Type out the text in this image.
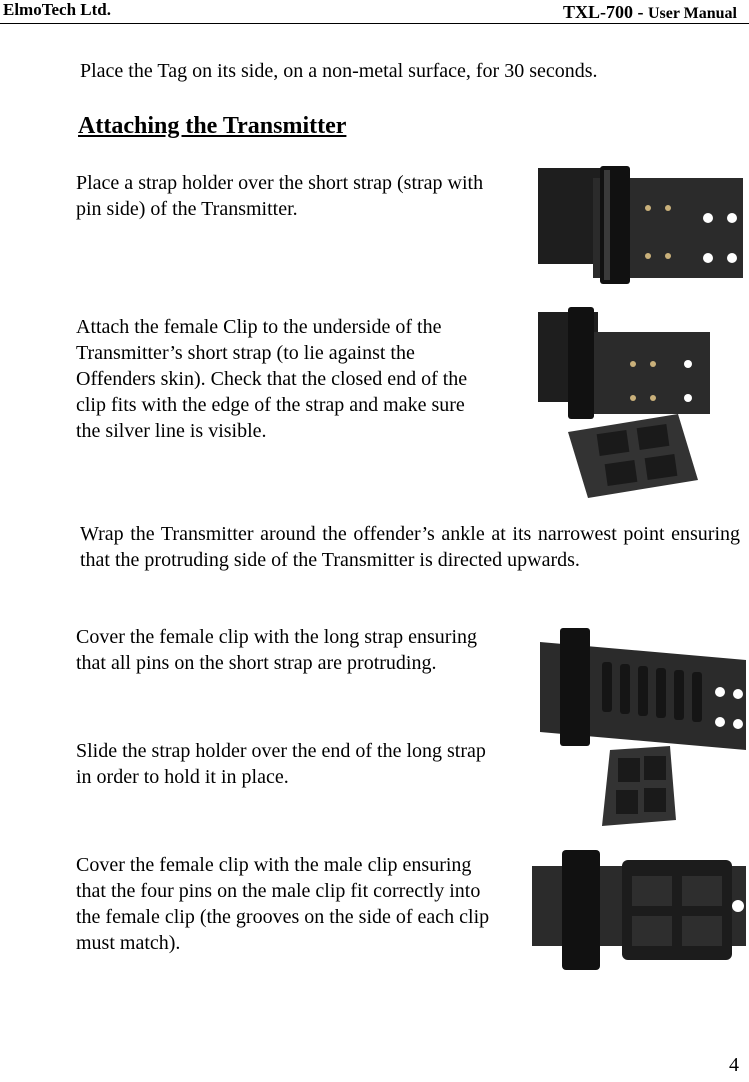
ElmoTech Ltd.	TXL-700 - User Manual
Place the Tag on its side, on a non-metal surface, for 30 seconds.
Attaching the Transmitter
Place a strap holder over the short strap (strap with pin side) of the Transmitter.
Attach the female Clip to the underside of the Transmitter’s short strap (to lie against the Offenders skin). Check that the closed end of the clip fits with the edge of the strap and make sure the silver line is visible.
Wrap the Transmitter around the offender’s ankle at its narrowest point ensuring that the protruding side of the Transmitter is directed upwards.
Cover the female clip with the long strap ensuring that all pins on the short strap are protruding.
Slide the strap holder over the end of the long strap in order to hold it in place.
Cover the female clip with the male clip ensuring that the four pins on the male clip fit correctly into the female clip (the grooves on the side of each clip must match).
4
